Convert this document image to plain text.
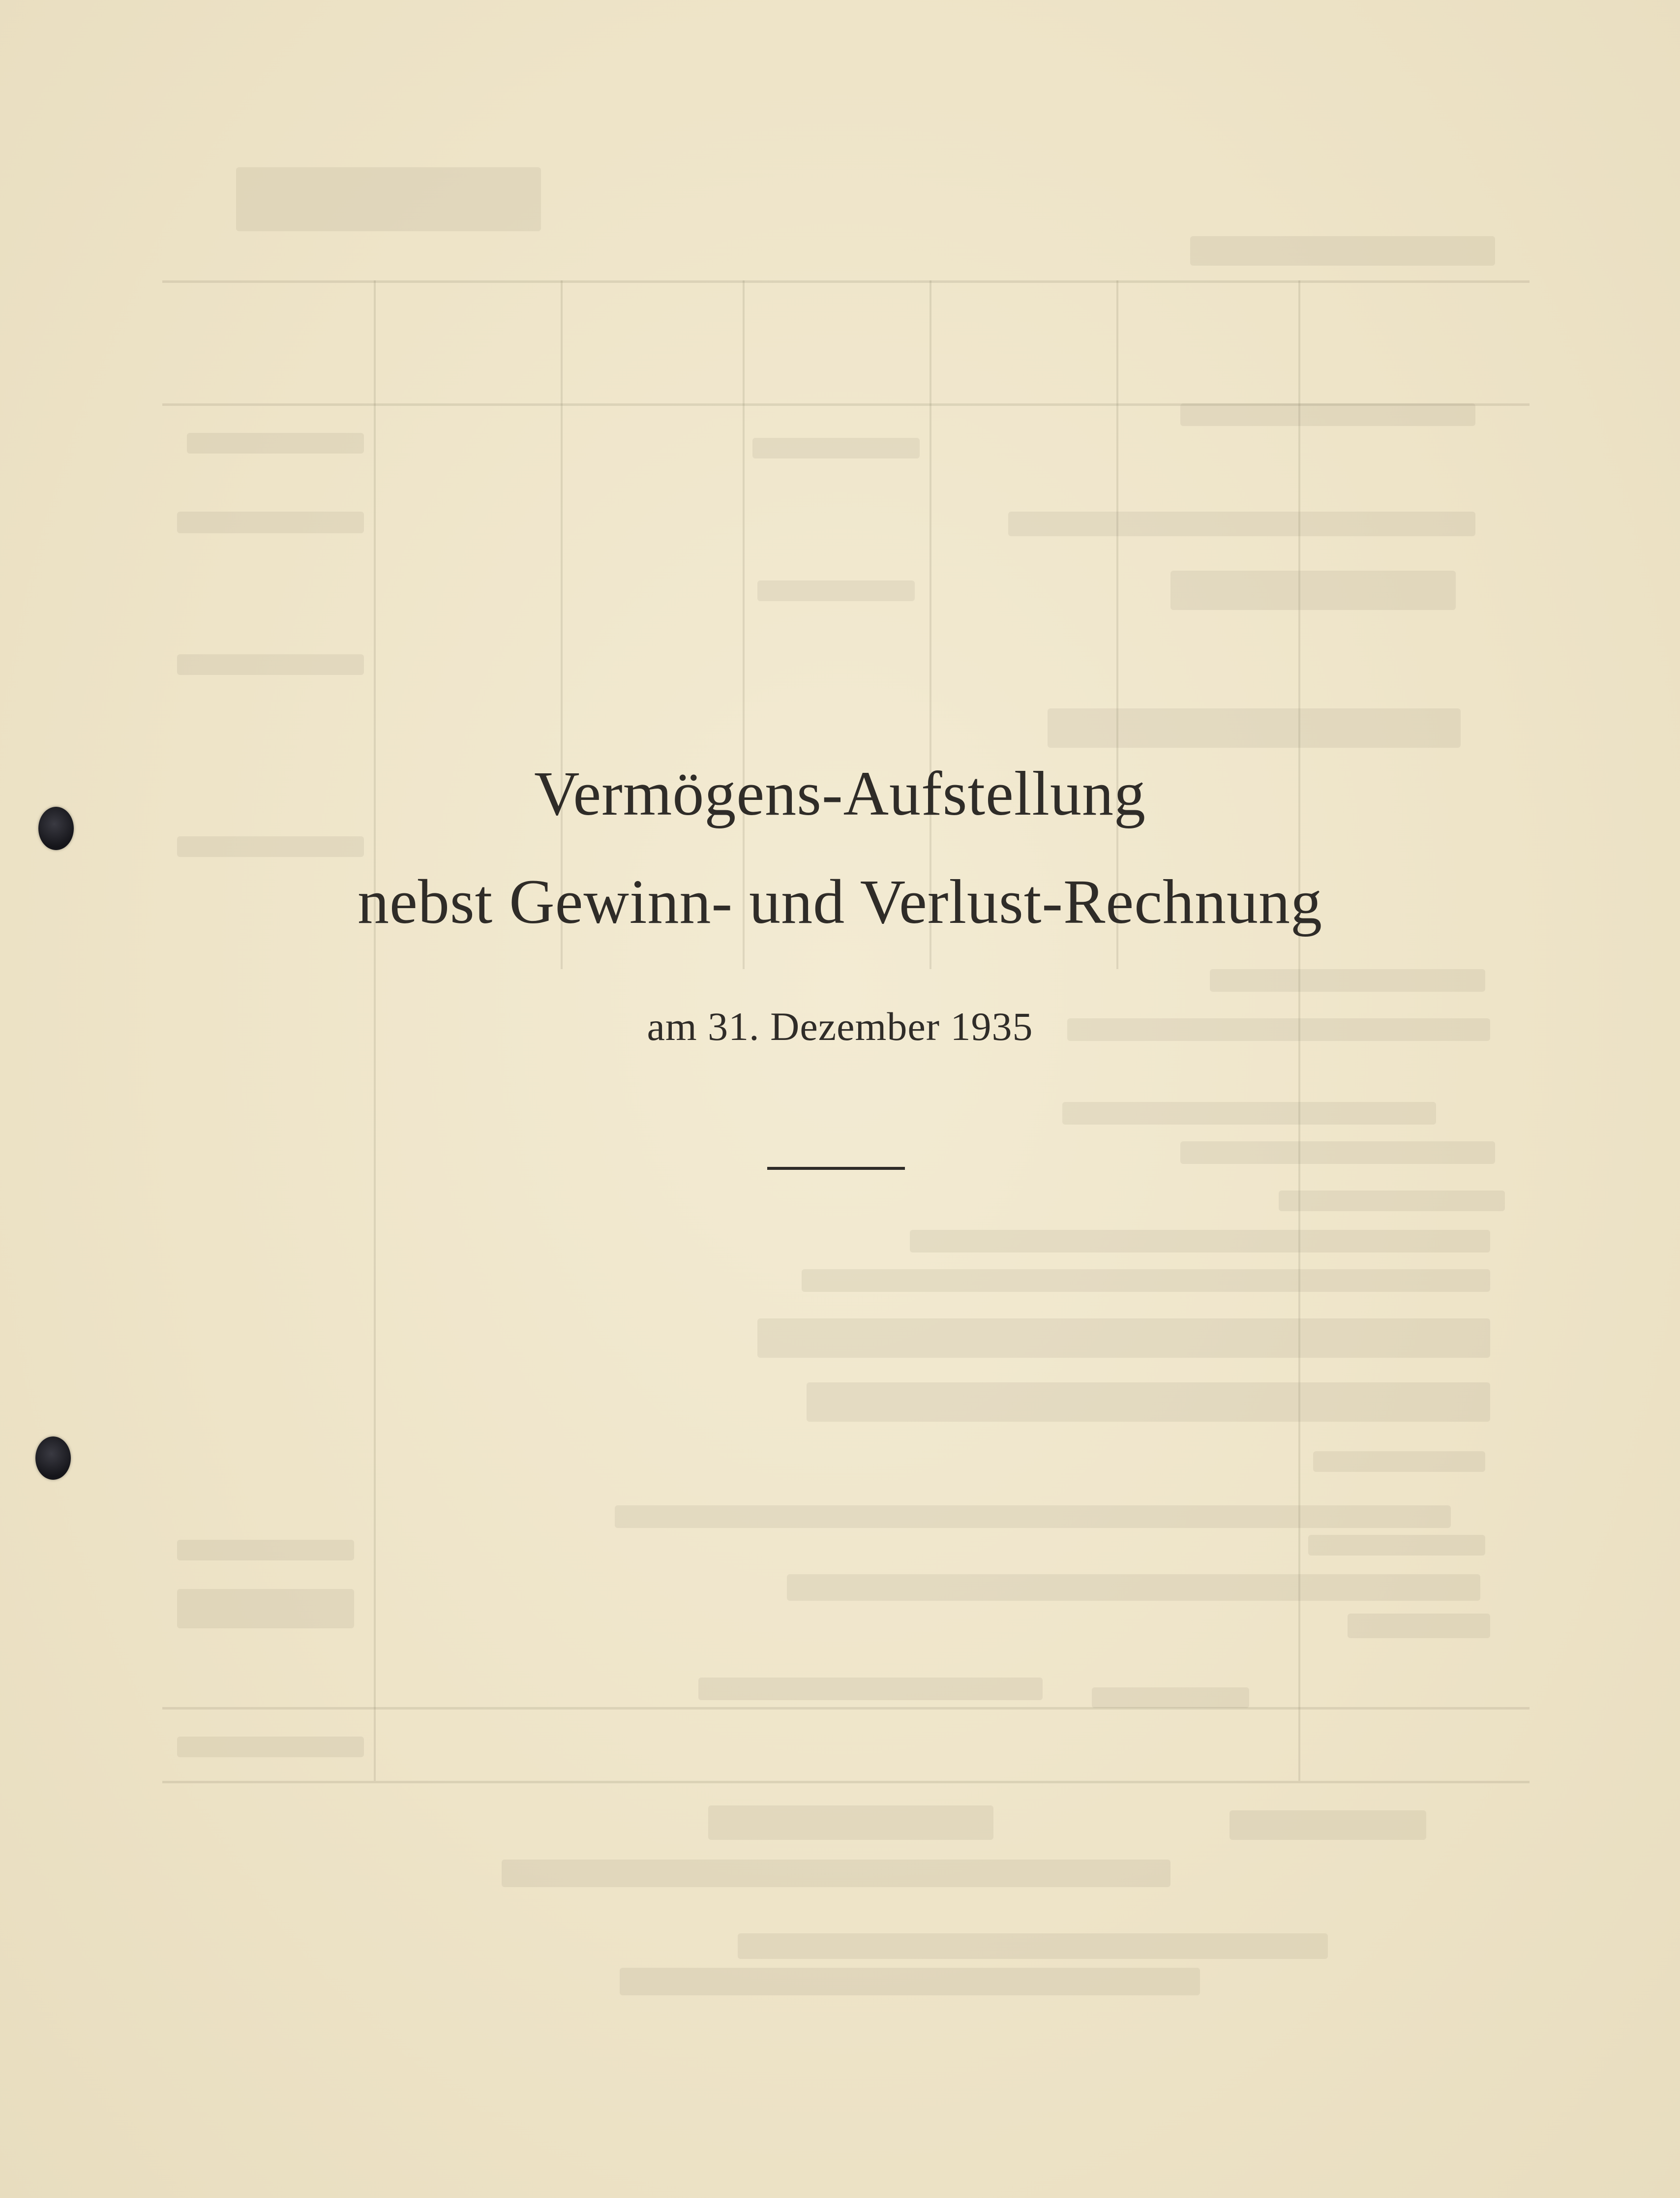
Vermögens-Aufstellung
nebst Gewinn- und Verlust-Rechnung
am 31. Dezember 1935
